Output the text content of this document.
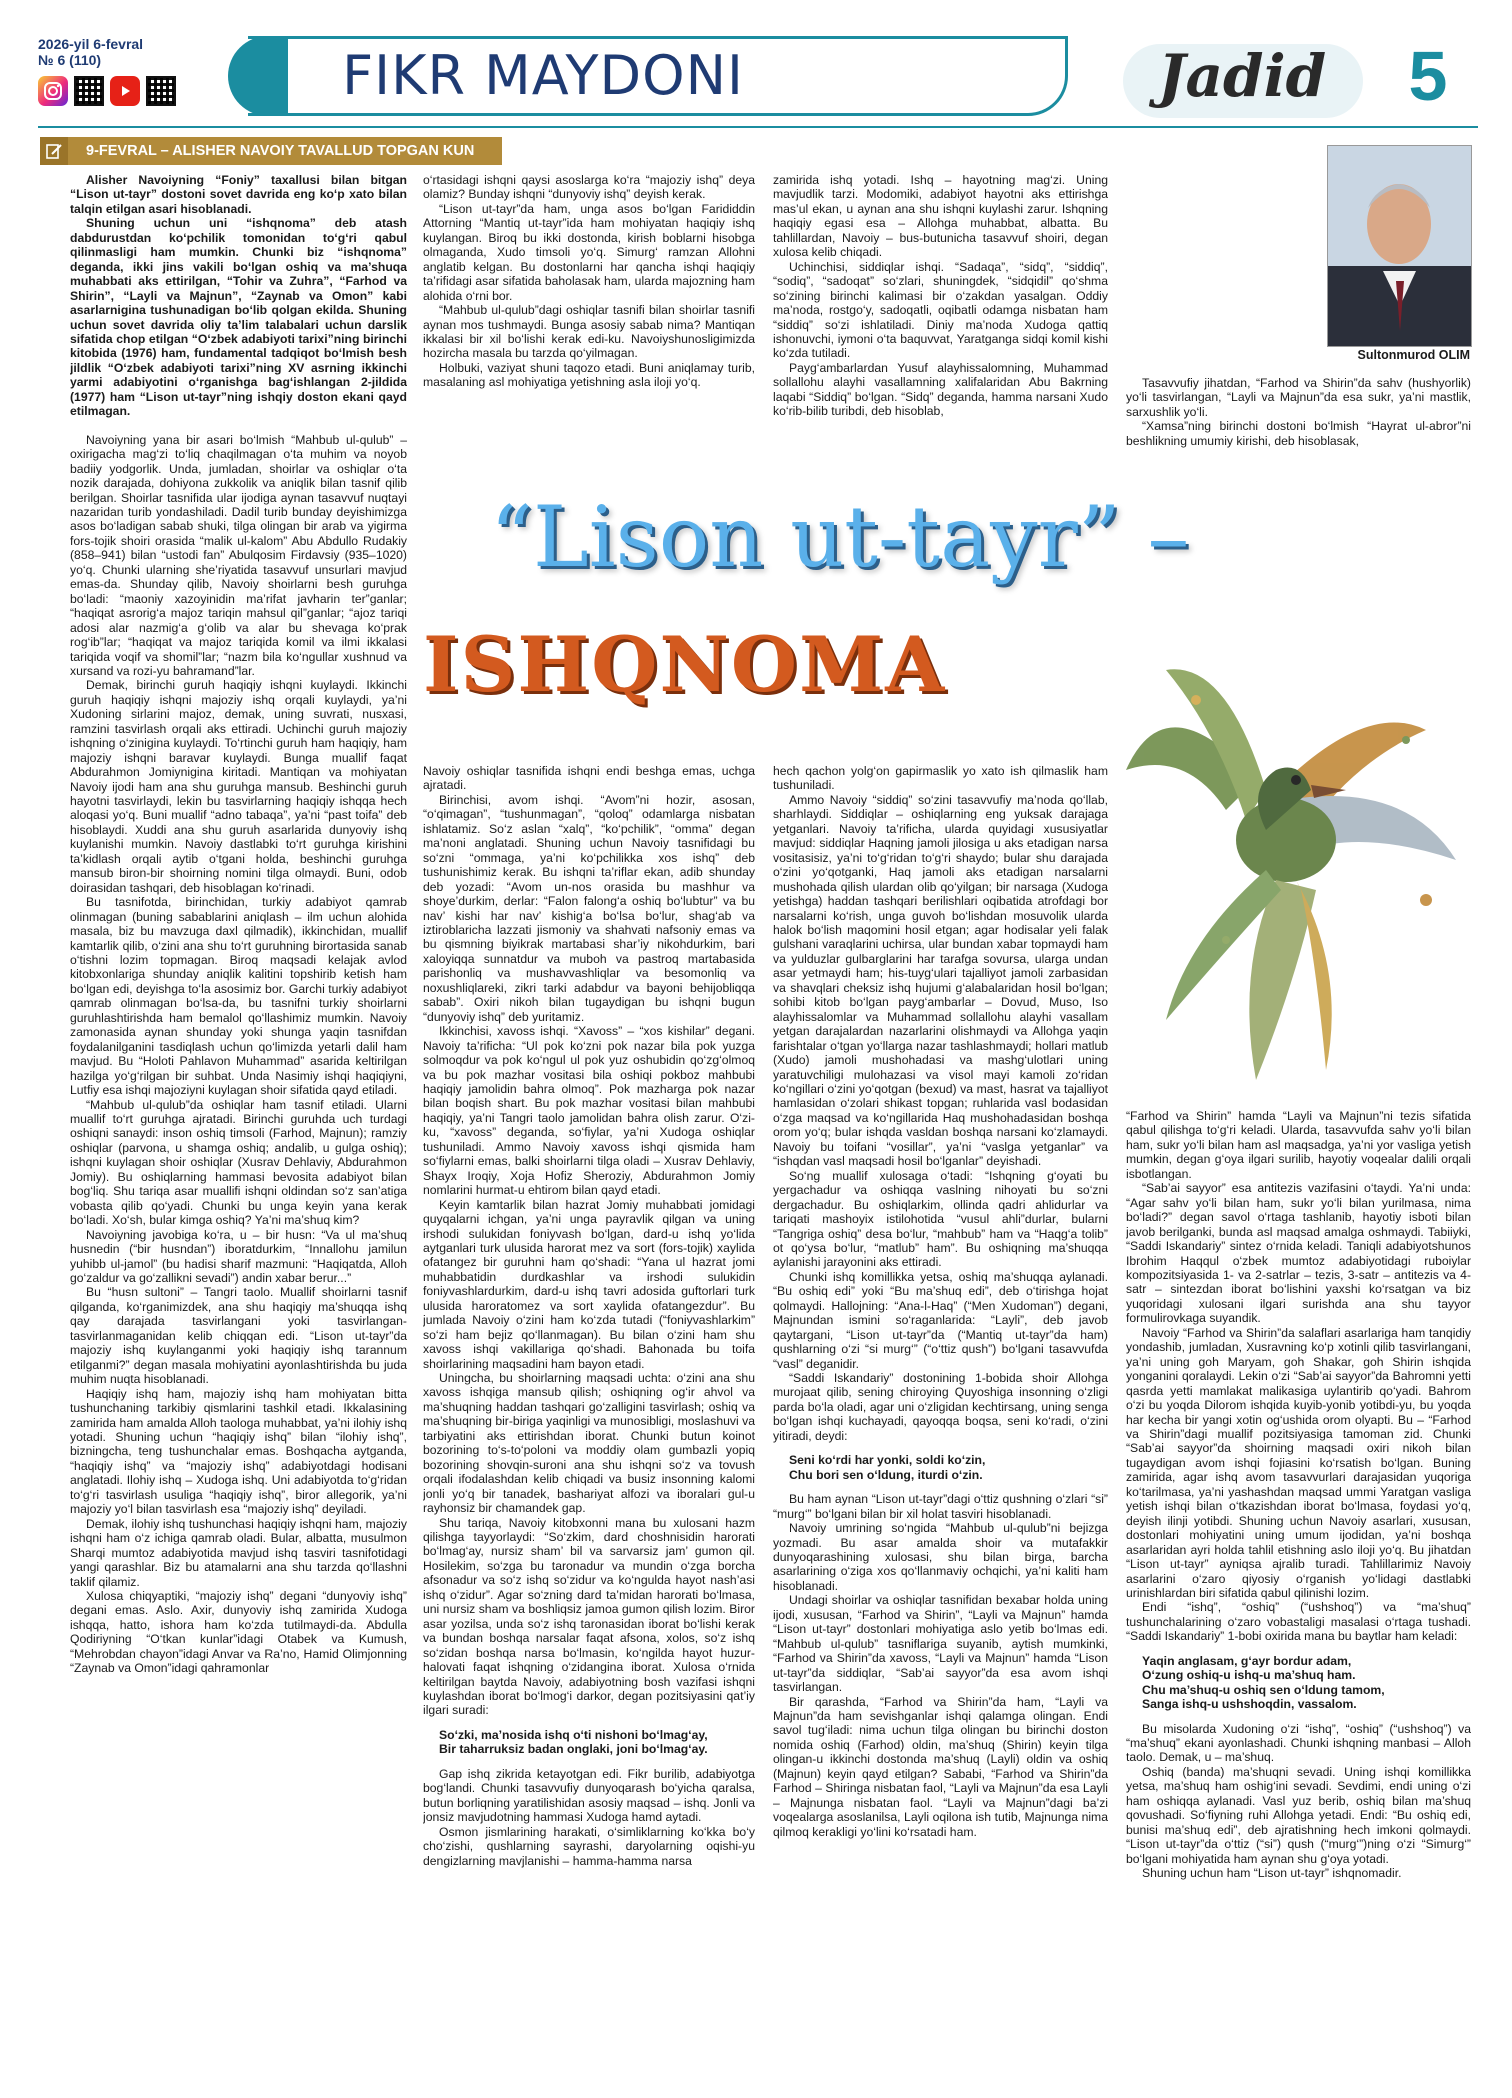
2026-yil 6-fevral
№ 6 (110)	FIKR MAYDONI	Jadid	5
9-FEVRAL – ALISHER NAVOIY TAVALLUD TOPGAN KUN

Alisher Navoiyning “Foniy” taxallusi bilan bitgan “Lison ut-tayr” dostoni sovet davrida eng ko‘p xato bilan talqin etilgan asari hisoblanadi.

Shuning uchun uni “ishqnoma” deb atash dabdurustdan ko‘pchilik tomonidan to‘g‘ri qabul qilinmasligi ham mumkin. Chunki biz “ishqnoma” deganda, ikki jins vakili bo‘lgan oshiq va ma’shuqa muhabbati aks ettirilgan, “Tohir va Zuhra”, “Farhod va Shirin”, “Layli va Majnun”, “Zaynab va Omon” kabi asarlarnigina tushunadigan bo‘lib qolgan ekilda. Shuning uchun sovet davrida oliy ta’lim talabalari uchun darslik sifatida chop etilgan “O‘zbek adabiyoti tarixi”ning birinchi kitobida (1976) ham, fundamental tadqiqot bo‘lmish besh jildlik “O‘zbek adabiyoti tarixi”ning XV asrning ikkinchi yarmi adabiyotini o‘rganishga bag‘ishlangan 2-jildida (1977) ham “Lison ut-tayr”ning ishqiy doston ekani qayd etilmagan.

Navoiyning yana bir asari bo‘lmish “Mahbub ul-qulub” – oxirigacha mag‘zi to‘liq chaqilmagan o‘ta muhim va noyob badiiy yodgorlik. Unda, jumladan, shoirlar va oshiqlar o‘ta nozik darajada, dohiyona zukkolik va aniqlik bilan tasnif qilib berilgan. Shoirlar tasnifida ular ijodiga aynan tasavvuf nuqtayi nazaridan turib yondashiladi. Dadil turib bunday deyishimizga asos bo‘ladigan sabab shuki, tilga olingan bir arab va yigirma fors-tojik shoiri orasida “malik ul-kalom” Abu Abdullo Rudakiy (858–941) bilan “ustodi fan” Abulqosim Firdavsiy (935–1020) yo‘q. Chunki ularning she’riyatida tasavvuf unsurlari mavjud emas-da. Shunday qilib, Navoiy shoirlarni besh guruhga bo‘ladi: “maoniy xazoyinidin ma’rifat javharin ter”ganlar; “haqiqat asrorig‘a majoz tariqin mahsul qil”ganlar; “ajoz tariqi adosi alar nazmig‘a g‘olib va alar bu shevaga ko‘prak rog‘ib”lar; “haqiqat va majoz tariqida komil va ilmi ikkalasi tariqida voqif va shomil”lar; “nazm bila ko‘ngullar xushnud va xursand va rozi-yu bahramand”lar.

Demak, birinchi guruh haqiqiy ishqni kuylaydi. Ikkinchi guruh haqiqiy ishqni majoziy ishq orqali kuylaydi, ya’ni Xudoning sirlarini majoz, demak, uning suvrati, nusxasi, ramzini tasvirlash orqali aks ettiradi. Uchinchi guruh majoziy ishqning o‘zinigina kuylaydi. To‘rtinchi guruh ham haqiqiy, ham majoziy ishqni baravar kuylaydi. Bunga muallif faqat Abdurahmon Jomiyniginа kiritadi. Mantiqan va mohiyatan Navoiy ijodi ham ana shu guruhga mansub. Beshinchi guruh hayotni tasvirlaydi, lekin bu tasvirlarning haqiqiy ishqqa hech aloqasi yo‘q. Buni muallif “adno tabaqa”, ya’ni “past toifa” deb hisoblaydi. Xuddi ana shu guruh asarlarida dunyoviy ishq kuylanishi mumkin. Navoiy dastlabki to‘rt guruhga kirishini ta’kidlash orqali aytib o‘tgani holda, beshinchi guruhga mansub biron-bir shoirning nomini tilga olmaydi. Buni, odob doirasidan tashqari, deb hisoblagan ko‘rinadi.

Bu tasnifotda, birinchidan, turkiy adabiyot qamrab olinmagan (buning sabablarini aniqlash – ilm uchun alohida masala, biz bu mavzuga daxl qilmadik), ikkinchidan, muallif kamtarlik qilib, o‘zini ana shu to‘rt guruhning birortasida sanab o‘tishni lozim topmagan. Biroq maqsadi kelajak avlod kitobxonlariga shunday aniqlik kalitini topshirib ketish ham bo‘lgan edi, deyishga to‘la asosimiz bor. Garchi turkiy adabiyot qamrab olinmagan bo‘lsa-da, bu tasnifni turkiy shoirlarni guruhlashtirishda ham bemalol qo‘llashimiz mumkin. Navoiy zamonasida aynan shunday yoki shunga yaqin tasnifdan foydalanilganini tasdiqlash uchun qo‘limizda yetarli dalil ham mavjud. Bu “Holoti Pahlavon Muhammad” asarida keltirilgan hazilga yo‘g‘rilgan bir suhbat. Unda Nasimiy ishqi haqiqiyni, Lutfiy esa ishqi majoziyni kuylagan shoir sifatida qayd etiladi.

“Mahbub ul-qulub”da oshiqlar ham tasnif etiladi. Ularni muallif to‘rt guruhga ajratadi. Birinchi guruhda uch turdagi oshiqni sanaydi: inson oshiq timsoli (Farhod, Majnun); ramziy oshiqlar (parvona, u shamga oshiq; andalib, u gulga oshiq); ishqni kuylagan shoir oshiqlar (Xusrav Dehlaviy, Abdurahmon Jomiy). Bu oshiqlarning hammasi bevosita adabiyot bilan bog‘liq. Shu tariqa asar muallifi ishqni oldindan so‘z san’atiga vobasta qilib qo‘yadi. Chunki bu unga keyin yana kerak bo‘ladi. Xo‘sh, bular kimga oshiq? Ya’ni ma’shuq kim?

Navoiyning javobiga ko‘ra, u – bir husn: “Va ul ma’shuq husnedin (“bir husndan”) iboratdurkim, “Innallohu jamilun yuhibb ul-jamol” (bu hadisi sharif mazmuni: “Haqiqatda, Alloh go‘zaldur va go‘zallikni sevadi”) andin xabar berur...”

Bu “husn sultoni” – Tangri taolo. Muallif shoirlarni tasnif qilganda, ko‘rganimizdek, ana shu haqiqiy ma’shuqqa ishq qay darajada tasvirlangani yoki tasvirlangan-tasvirlanmaganidan kelib chiqqan edi. “Lison ut-tayr”da majoziy ishq kuylanganmi yoki haqiqiy ishq tarannum etilganmi?” degan masala mohiyatini ayonlashtirishda bu juda muhim nuqta hisoblanadi.

Haqiqiy ishq ham, majoziy ishq ham mohiyatan bitta tushunchaning tarkibiy qismlarini tashkil etadi. Ikkalasining zamirida ham amalda Alloh taologa muhabbat, ya’ni ilohiy ishq yotadi. Shuning uchun “haqiqiy ishq” bilan “ilohiy ishq”, bizningcha, teng tushunchalar emas. Boshqacha aytganda, “haqiqiy ishq” va “majoziy ishq” adabiyotdagi hodisani anglatadi. Ilohiy ishq – Xudoga ishq. Uni adabiyotda to‘g‘ridan to‘g‘ri tasvirlash usuliga “haqiqiy ishq”, biror allegorik, ya’ni majoziy yo‘l bilan tasvirlash esa “majoziy ishq” deyiladi.

Demak, ilohiy ishq tushunchasi haqiqiy ishqni ham, majoziy ishqni ham o‘z ichiga qamrab oladi. Bular, albatta, musulmon Sharqi mumtoz adabiyotida mavjud ishq tasviri tasnifotidagi yangi qarashlar. Biz bu atamalarni ana shu tarzda qo‘llashni taklif qilamiz.

Xulosa chiqyaptiki, “majoziy ishq” degani “dunyoviy ishq” degani emas. Aslo. Axir, dunyoviy ishq zamirida Xudoga ishqqa, hatto, ishora ham ko‘zda tutilmaydi-da. Abdulla Qodiriyning “O‘tkan kunlar”idagi Otabek va Kumush, “Mehrobdan chayon”idagi Anvar va Ra’no, Hamid Olimjonning “Zaynab va Omon”idagi qahramonlar

o‘rtasidagi ishqni qaysi asoslarga ko‘ra “majoziy ishq” deya olamiz? Bunday ishqni “dunyoviy ishq” deyish kerak.

“Lison ut-tayr”da ham, unga asos bo‘lgan Farididdin Attorning “Mantiq ut-tayr”ida ham mohiyatan haqiqiy ishq kuylangan. Biroq bu ikki dostonda, kirish boblarni hisobga olmaganda, Xudo timsoli yo‘q. Simurg‘ ramzan Allohni anglatib kelgan. Bu dostonlarni har qancha ishqi haqiqiy ta’rifidagi asar sifatida baholasak ham, ularda majozning ham alohida o‘rni bor.

“Mahbub ul-qulub”dagi oshiqlar tasnifi bilan shoirlar tasnifi aynan mos tushmaydi. Bunga asosiy sabab nima? Mantiqan ikkalasi bir xil bo‘lishi kerak edi-ku. Navoiyshunosligimizda hozircha masala bu tarzda qo‘yilmagan.

Holbuki, vaziyat shuni taqozo etadi. Buni aniqlamay turib, masalaning asl mohiyatiga yetishning asla iloji yo‘q.

zamirida ishq yotadi. Ishq – hayotning mag‘zi. Uning mavjudlik tarzi. Modomiki, adabiyot hayotni aks ettirishga mas’ul ekan, u aynan ana shu ishqni kuylashi zarur. Ishqning haqiqiy egasi esa – Allohga muhabbat, albatta. Bu tahlillardan, Navoiy – bus-butunicha tasavvuf shoiri, degan xulosa kelib chiqadi.

Uchinchisi, siddiqlar ishqi. “Sadaqa”, “sidq”, “siddiq”, “sodiq”, “sadoqat” so‘zlari, shuningdek, “sidqidil” qo‘shma so‘zining birinchi kalimasi bir o‘zakdan yasalgan. Oddiy ma’noda, rostgo‘y, sadoqatli, oqibatli odamga nisbatan ham “siddiq” so‘zi ishlatiladi. Diniy ma’noda Xudoga qattiq ishonuvchi, iymoni o‘ta baquvvat, Yaratganga sidqi komil kishi ko‘zda tutiladi.

Payg‘ambarlardan Yusuf alayhissalomning, Muhammad sollallohu alayhi vasallamning xalifalaridan Abu Bakrning laqabi “Siddiq” bo‘lgan. “Sidq” deganda, hamma narsani Xudo ko‘rib-bilib turibdi, deb hisoblab,

Sultonmurod OLIM

Tasavvufiy jihatdan, “Farhod va Shirin”da sahv (hushyorlik) yo‘li tasvirlangan, “Layli va Majnun”da esa sukr, ya’ni mastlik, sarxushlik yo‘li.

“Xamsa”ning birinchi dostoni bo‘lmish “Hayrat ul-abror”ni beshlikning umumiy kirishi, deb hisoblasak,

“Lison ut-tayr” –
ISHQNOMA

Navoiy oshiqlar tasnifida ishqni endi beshga emas, uchga ajratadi.

Birinchisi, avom ishqi. “Avom”ni hozir, asosan, “o‘qimagan”, “tushunmagan”, “qoloq” odamlarga nisbatan ishlatamiz. So‘z aslan “xalq”, “ko‘pchilik”, “omma” degan ma’noni anglatadi. Shuning uchun Navoiy tasnifidagi bu so‘zni “ommaga, ya’ni ko‘pchilikka xos ishq” deb tushunishimiz kerak. Bu ishqni ta’riflar ekan, adib shunday deb yozadi: “Avom un-nos orasida bu mashhur va shoye’durkim, derlar: “Falon falong‘a oshiq bo‘lubtur” va bu nav’ kishi har nav’ kishig‘a bo‘lsa bo‘lur, shag‘ab va iztiroblaricha lazzati jismoniy va shahvati nafsoniy emas va bu qismning biyikrak martabasi shar’iy nikohdurkim, bari xaloyiqqa sunnatdur va muboh va pastroq martabasida parishonliq va mushavvashliqlar va besomonliq va noxushliqlarekі, zikri tarki adabdur va bayoni behijobliqqa sabab”. Oxiri nikoh bilan tugaydigan bu ishqni bugun “dunyoviy ishq” deb yuritamiz.

Ikkinchisi, xavoss ishqi. “Xavoss” – “xos kishilar” degani. Navoiy ta’rificha: “Ul pok ko‘zni pok nazar bila pok yuzga solmoqdur va pok ko‘ngul ul pok yuz oshubidin qo‘zg‘olmoq va bu pok mazhar vositasi bila oshiqi pokboz mahbubi haqiqiy jamolidin bahra olmoq”. Pok mazharga pok nazar bilan boqish shart. Bu pok mazhar vositasi bilan mahbubi haqiqiy, ya’ni Tangri taolo jamolidan bahra olish zarur. O‘zi-ku, “xavoss” deganda, so‘fiylar, ya’ni Xudoga oshiqlar tushuniladi. Ammo Navoiy xavoss ishqi qismida ham so‘fiylarni emas, balki shoirlarni tilga oladi – Xusrav Dehlaviy, Shayx Iroqiy, Xoja Hofiz Sheroziy, Abdurahmon Jomiy nomlarini hurmat-u ehtirom bilan qayd etadi.

Keyin kamtarlik bilan hazrat Jomiy muhabbati jomidagi quyqalarni ichgan, ya’ni unga payravlik qilgan va uning irshodi sulukidan foniyvash bo‘lgan, dard-u ishq yo‘lida aytganlari turk ulusida harorat mez va sort (fors-tojik) xaylida ofatangez bir guruhni ham qo‘shadi: “Yana ul hazrat jomi muhabbatidin durdkashlar va irshodi sulukidin foniyvashlardurkim, dard-u ishq tavri adosida guftorlari turk ulusida haroratomez va sort xaylida ofatangezdur”. Bu jumlada Navoiy o‘zini ham ko‘zda tutadi (“foniyvashlarkim” so‘zi ham bejiz qo‘llanmagan). Bu bilan o‘zini ham shu xavoss ishqi vakillariga qo‘shadi. Bahonada bu toifa shoirlarining maqsadini ham bayon etadi.

Uningcha, bu shoirlarning maqsadi uchta: o‘zini ana shu xavoss ishqiga mansub qilish; oshiqning og‘ir ahvol va ma’shuqning haddan tashqari go‘zalligini tasvirlash; oshiq va ma’shuqning bir-biriga yaqinligi va munosibligi, moslashuvi va tarbiyatini aks ettirishdan iborat. Chunki butun koinot bozorining to‘s-to‘poloni va moddiy olam gumbazli yopiq bozorining shovqin-suroni ana shu ishqni so‘z va tovush orqali ifodalashdan kelib chiqadi va busiz insonning kalomi jonli yo‘q bir tanadek, bashariyat alfozi va iboralari gul-u rayhonsiz bir chamandek gap.

Shu tariqa, Navoiy kitobxonni mana bu xulosani hazm qilishga tayyorlaydi: “So‘zkim, dard choshnisidin harorati bo‘lmag‘ay, nursiz sham’ bil va sarvarsiz jam’ gumon qil. Hosilekim, so‘zga bu taronadur va mundin o‘zga borcha afsonadur va so‘z ishq so‘zidur va ko‘ngulda hayot nash’asi ishq o‘zidur”. Agar so‘zning dard ta’midan harorati bo‘lmasa, uni nursiz sham va boshliqsiz jamoa gumon qilish lozim. Biror asar yozilsa, unda so‘z ishq taronasidan iborat bo‘lishi kerak va bundan boshqa narsalar faqat afsona, xolos, so‘z ishq so‘zidan boshqa narsa bo‘lmasin, ko‘ngilda hayot huzur-halovati faqat ishqning o‘zidangina iborat. Xulosa o‘rnida keltirilgan baytda Navoiy, adabiyotning bosh vazifasi ishqni kuylashdan iborat bo‘lmog‘i darkor, degan pozitsiyasini qat’iy ilgari suradi:

So‘zki, ma’nosida ishq o‘ti nishoni bo‘lmag‘ay,
Bir taharruksiz badan onglaki, joni bo‘lmag‘ay.

Gap ishq zikrida ketayotgan edi. Fikr burilib, adabiyotga bog‘landi. Chunki tasavvufiy dunyoqarash bo‘yicha qaralsa, butun borliqning yaratilishidan asosiy maqsad – ishq. Jonli va jonsiz mavjudotning hammasi Xudoga hamd aytadi.

Osmon jismlarining harakati, o‘simliklarning ko‘kka bo‘y cho‘zishi, qushlarning sayrashi, daryolarning oqishi-yu dengizlarning mavjlanishi – hamma-hamma narsa

hech qachon yolg‘on gapirmaslik yo xato ish qilmaslik ham tushuniladi.

Ammo Navoiy “siddiq” so‘zini tasavvufiy ma’noda qo‘llab, sharhlaydi. Siddiqlar – oshiqlarning eng yuksak darajaga yetganlari. Navoiy ta’rificha, ularda quyidagi xususiyatlar mavjud: siddiqlar Haqning jamoli jilosiga u aks etadigan narsa vositasisiz, ya’ni to‘g‘ridan to‘g‘ri shaydo; bular shu darajada o‘zini yo‘qotganki, Haq jamoli aks etadigan narsalarni mushohada qilish ulardan olib qo‘yilgan; bir narsaga (Xudoga yetishga) haddan tashqari berilishlari oqibatida atrofdagi bor narsalarni ko‘rish, unga guvoh bo‘lishdan mosuvolik ularda halok bo‘lish maqomini hosil etgan; agar hodisalar yeli falak gulshani varaqlarini uchirsa, ular bundan xabar topmaydi ham va yulduzlar gulbarglarini har tarafga sovursa, ularga undan asar yetmaydi ham; his-tuyg‘ulari tajalliyot jamoli zarbasidan va shavqlari cheksiz ishq hujumi g‘alabalaridan hosil bo‘lgan; sohibi kitob bo‘lgan payg‘ambarlar – Dovud, Muso, Iso alayhissalomlar va Muhammad sollallohu alayhi vasallam yetgan darajalardan nazarlarini olishmaydi va Allohga yaqin farishtalar o‘tgan yo‘llarga nazar tashlashmaydi; hollari matlub (Xudo) jamoli mushohadasi va mashg‘ulotlari uning yaratuvchiligi mulohazasi va visol mayi kamoli zo‘ridan ko‘ngillari o‘zini yo‘qotgan (bexud) va mast, hasrat va tajalliyot hamlasidan o‘zolari shikast topgan; ruhlarida vasl bodasidan o‘zga maqsad va ko‘ngillarida Haq mushohadasidan boshqa orom yo‘q; bular ishqda vasldan boshqa narsani ko‘zlamaydi. Navoiy bu toifani “vosillar”, ya’ni “vaslga yetganlar” va “ishqdan vasl maqsadi hosil bo‘lganlar” deyishadi.

So‘ng muallif xulosaga o‘tadi: “Ishqning g‘oyati bu yergachadur va oshiqqa vaslning nihoyati bu so‘zni dergachadur. Bu oshiqlarkim, ollinda qadri ahlidurlar va tariqati mashoyix istilohotida “vusul ahli”durlar, bularni “Tangriga oshiq” desa bo‘lur, “mahbub” ham va “Haqg‘a tolib” ot qo‘ysa bo‘lur, “matlub” ham”. Bu oshiqning ma’shuqqa aylanishi jarayonini aks ettiradi.

Chunki ishq komillikka yetsa, oshiq ma’shuqqa aylanadi. “Bu oshiq edi” yoki “Bu ma’shuq edi”, deb o‘tirishga hojat qolmaydi. Hallojning: “Ana-l-Haq” (“Men Xudoman”) degani, Majnundan ismini so‘raganlarida: “Layli”, deb javob qaytargani, “Lison ut-tayr”da (“Mantiq ut-tayr”da ham) qushlarning o‘zi “si murg‘” (“o‘ttiz qush”) bo‘lgani tasavvufda “vasl” deganidir.

“Saddi Iskandariy” dostonining 1-bobida shoir Allohga murojaat qilib, sening chiroying Quyoshiga insonning o‘zligi parda bo‘la oladi, agar uni o‘zligidan kechtirsang, uning senga bo‘lgan ishqi kuchayadi, qayoqqa boqsa, seni ko‘radi, o‘zini yitiradi, deydi:

Seni ko‘rdi har yonki, soldi ko‘zin,
Chu bori sen o‘ldung, iturdi o‘zin.

Bu ham aynan “Lison ut-tayr”dagi o‘ttiz qushning o‘zlari “si” “murg‘” bo‘lgani bilan bir xil holat tasviri hisoblanadi.

Navoiy umrining so‘ngida “Mahbub ul-qulub”ni bejizga yozmadi. Bu asar amalda shoir va mutafakkir dunyoqarashining xulosasi, shu bilan birga, barcha asarlarining o‘ziga xos qo‘llanmaviy ochqichi, ya’ni kaliti ham hisoblanadi.

Undagi shoirlar va oshiqlar tasnifidan bexabar holda uning ijodi, xususan, “Farhod va Shirin”, “Layli va Majnun” hamda “Lison ut-tayr” dostonlari mohiyatiga aslo yetib bo‘lmas edi. “Mahbub ul-qulub” tasniflariga suyanib, aytish mumkinki, “Farhod va Shirin”da xavoss, “Layli va Majnun” hamda “Lison ut-tayr”da siddiqlar, “Sab’ai sayyor”da esa avom ishqi tasvirlangan.

Bir qarashda, “Farhod va Shirin”da ham, “Layli va Majnun”da ham sevishganlar ishqi qalamga olingan. Endi savol tug‘iladi: nima uchun tilga olingan bu birinchi doston nomida oshiq (Farhod) oldin, ma’shuq (Shirin) keyin tilga olingan-u ikkinchi dostonda ma’shuq (Layli) oldin va oshiq (Majnun) keyin qayd etilgan? Sababi, “Farhod va Shirin”da Farhod – Shiringa nisbatan faol, “Layli va Majnun”da esa Layli – Majnunga nisbatan faol. “Layli va Majnun”dagi ba’zi voqealarga asoslanilsa, Layli oqilona ish tutib, Majnunga nima qilmoq kerakligi yo‘lini ko‘rsatadi ham.

“Farhod va Shirin” hamda “Layli va Majnun”ni tezis sifatida qabul qilishga to‘g‘ri keladi. Ularda, tasavvufda sahv yo‘li bilan ham, sukr yo‘li bilan ham asl maqsadga, ya’ni yor vasliga yetish mumkin, degan g‘oya ilgari surilib, hayotiy voqealar dalili orqali isbotlangan.

“Sab’ai sayyor” esa antitezis vazifasini o‘taydi. Ya’ni unda: “Agar sahv yo‘li bilan ham, sukr yo‘li bilan yurilmasa, nima bo‘ladi?” degan savol o‘rtaga tashlanib, hayotiy isboti bilan javob berilganki, bunda asl maqsad amalga oshmaydi. Tabiiyki, “Saddi Iskandariy” sintez o‘rnida keladi. Taniqli adabiyotshunos Ibrohim Haqqul o‘zbek mumtoz adabiyotidagi ruboiylar kompozitsiyasida 1- va 2-satrlar – tezis, 3-satr – antitezis va 4-satr – sintezdan iborat bo‘lishini yaxshi ko‘rsatgan va biz yuqoridagi xulosani ilgari surishda ana shu tayyor formulirovkaga suyandik.

Navoiy “Farhod va Shirin”da salaflari asarlariga ham tanqidiy yondashib, jumladan, Xusravning ko‘p xotinli qilib tasvirlangani, ya’ni uning goh Maryam, goh Shakar, goh Shirin ishqida yonganini qoralaydi. Lekin o‘zi “Sab’ai sayyor”da Bahromni yetti qasrda yetti mamlakat malikasiga uylantirib qo‘yadi. Bahrom o‘zi bu yoqda Dilorom ishqida kuyib-yonib yotibdi-yu, bu yoqda har kecha bir yangi xotin og‘ushida orom olyapti. Bu – “Farhod va Shirin”dagi muallif pozitsiyasiga tamoman zid. Chunki “Sab’ai sayyor”da shoirning maqsadi oxiri nikoh bilan tugaydigan avom ishqi fojiasini ko‘rsatish bo‘lgan. Buning zamirida, agar ishq avom tasavvurlari darajasidan yuqoriga ko‘tarilmasa, ya’ni yashashdan maqsad ummi Yaratgan vasliga yetish ishqi bilan o‘tkazishdan iborat bo‘lmasa, foydasi yo‘q, deyish ilinji yotibdi. Shuning uchun Navoiy asarlari, xususan, dostonlari mohiyatini uning umum ijodidan, ya’ni boshqa asarlaridan ayri holda tahlil etishning aslo iloji yo‘q. Bu jihatdan “Lison ut-tayr” ayniqsa ajralib turadi. Tahlillarimiz Navoiy asarlarini o‘zaro qiyosiy o‘rganish yo‘lidagi dastlabki urinishlardan biri sifatida qabul qilinishi lozim.

Endi “ishq”, “oshiq” (“ushshoq”) va “ma’shuq” tushunchalarining o‘zaro vobastaligi masalasi o‘rtaga tushadi. “Saddi Iskandariy” 1-bobi oxirida mana bu baytlar ham keladi:

Yaqin anglasam, g‘ayr bordur adam,
O‘zung oshiq-u ishq-u ma’shuq ham.
Chu ma’shuq-u oshiq sen o‘ldung tamom,
Sanga ishq-u ushshoqdin, vassalom.

Bu misolarda Xudoning o‘zi “ishq”, “oshiq” (“ushshoq”) va “ma’shuq” ekani ayonlashadi. Chunki ishqning manbasi – Alloh taolo. Demak, u – ma’shuq.

Oshiq (banda) ma’shuqni sevadi. Uning ishqi komillikka yetsa, ma’shuq ham oshig‘ini sevadi. Sevdimi, endi uning o‘zi ham oshiqqa aylanadi. Vasl yuz berib, oshiq bilan ma’shuq qovushadi. So‘fiyning ruhi Allohga yetadi. Endi: “Bu oshiq edi, bunisi ma’shuq edi”, deb ajratishning hech imkoni qolmaydi. “Lison ut-tayr”da o‘ttiz (“si”) qush (“murg‘”)ning o‘zi “Simurg‘” bo‘lgani mohiyatida ham aynan shu g‘oya yotadi.

Shuning uchun ham “Lison ut-tayr” ishqnomadir.
